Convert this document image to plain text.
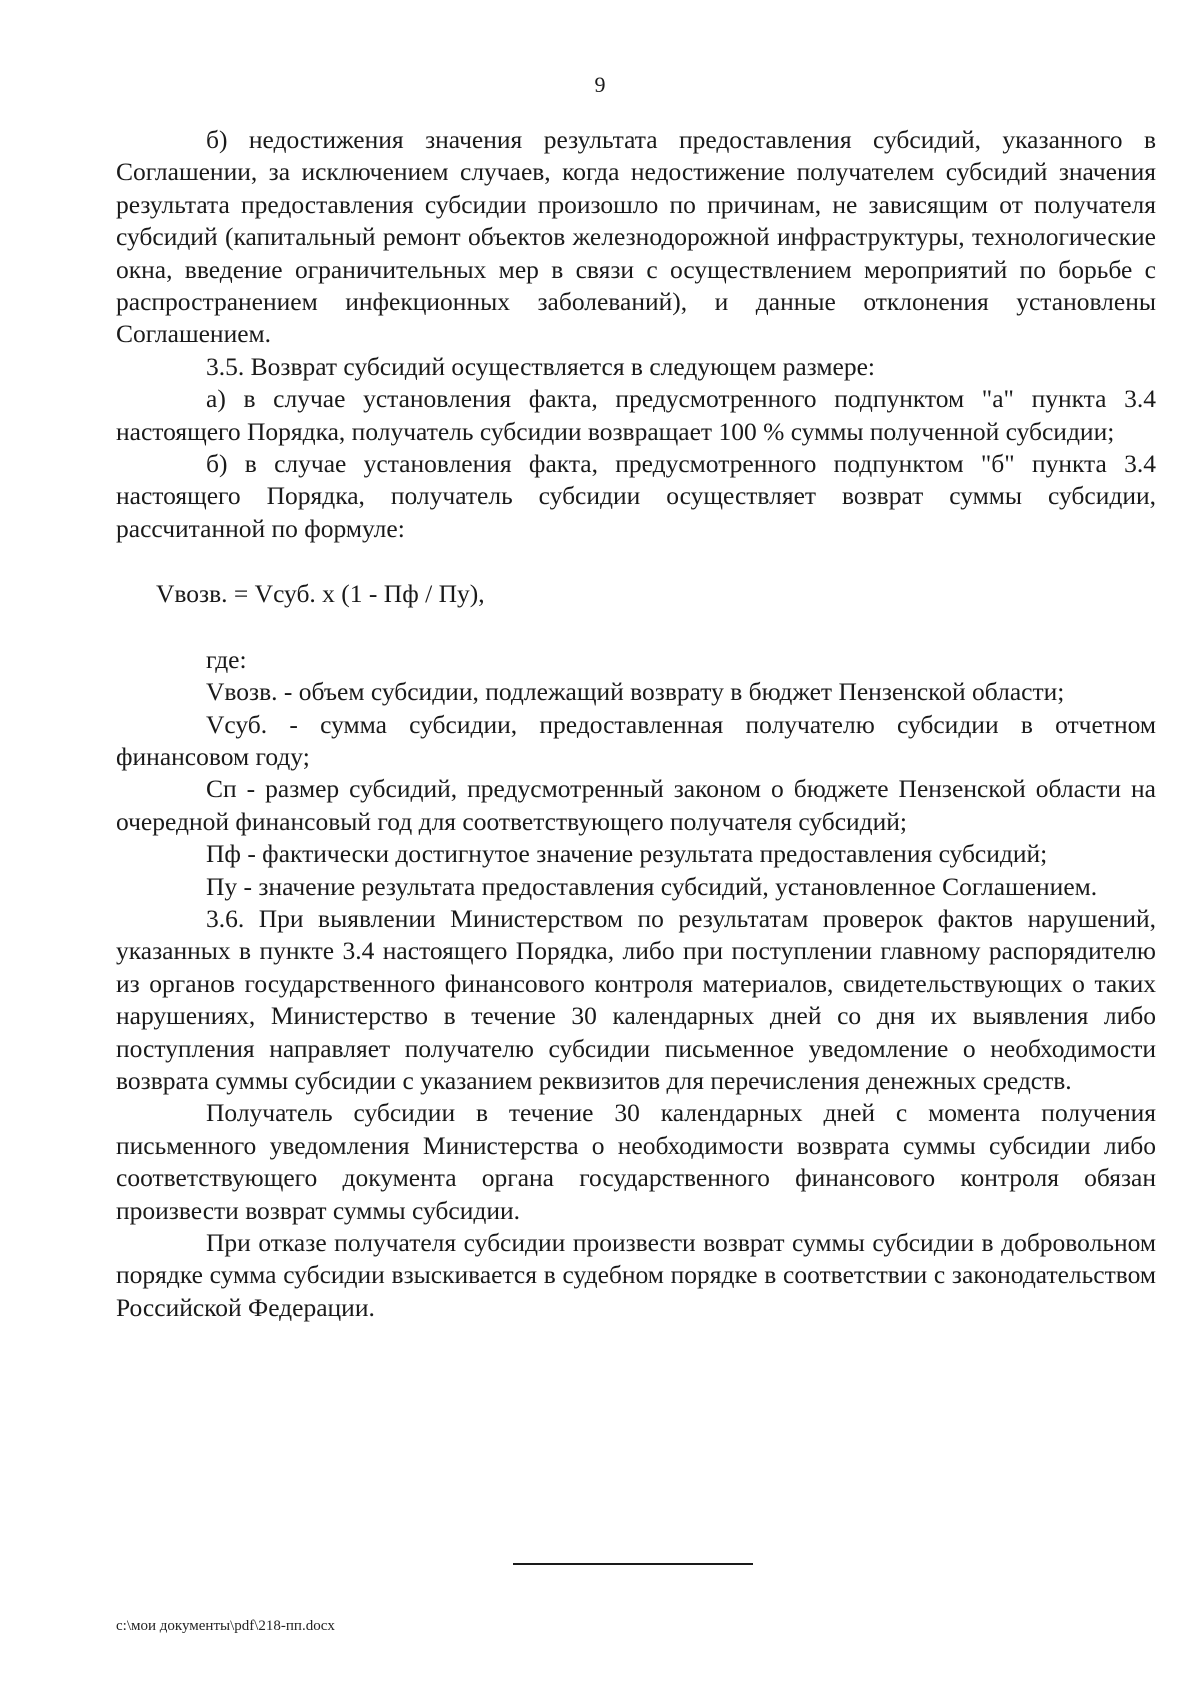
9

б) недостижения значения результата предоставления субсидий, указанного в Соглашении, за исключением случаев, когда недостижение получателем субсидий значения результата предоставления субсидии произошло по причинам, не зависящим от получателя субсидий (капитальный ремонт объектов железнодорожной инфраструктуры, технологические окна, введение ограничительных мер в связи с осуществлением мероприятий по борьбе с распространением инфекционных заболеваний), и данные отклонения установлены Соглашением.

3.5. Возврат субсидий осуществляется в следующем размере:

а) в случае установления факта, предусмотренного подпунктом "а" пункта 3.4 настоящего Порядка, получатель субсидии возвращает 100 % суммы полученной субсидии;

б) в случае установления факта, предусмотренного подпунктом "б" пункта 3.4 настоящего Порядка, получатель субсидии осуществляет возврат суммы субсидии, рассчитанной по формуле:

Vвозв. = Vсуб. х (1 - Пф / Пу),

где:

Vвозв. - объем субсидии, подлежащий возврату в бюджет Пензенской области;

Vсуб. - сумма субсидии, предоставленная получателю субсидии в отчетном финансовом году;

Сп - размер субсидий, предусмотренный законом о бюджете Пензенской области на очередной финансовый год для соответствующего получателя субсидий;

Пф - фактически достигнутое значение результата предоставления субсидий;

Пу - значение результата предоставления субсидий, установленное Соглашением.

3.6. При выявлении Министерством по результатам проверок фактов нарушений, указанных в пункте 3.4 настоящего Порядка, либо при поступлении главному распорядителю из органов государственного финансового контроля материалов, свидетельствующих о таких нарушениях, Министерство в течение 30 календарных дней со дня их выявления либо поступления направляет получателю субсидии письменное уведомление о необходимости возврата суммы субсидии с указанием реквизитов для перечисления денежных средств.

Получатель субсидии в течение 30 календарных дней с момента получения письменного уведомления Министерства о необходимости возврата суммы субсидии либо соответствующего документа органа государственного финансового контроля обязан произвести возврат суммы субсидии.

При отказе получателя субсидии произвести возврат суммы субсидии в добровольном порядке сумма субсидии взыскивается в судебном порядке в соответствии с законодательством Российской Федерации.

c:\мои документы\pdf\218-пп.docx
